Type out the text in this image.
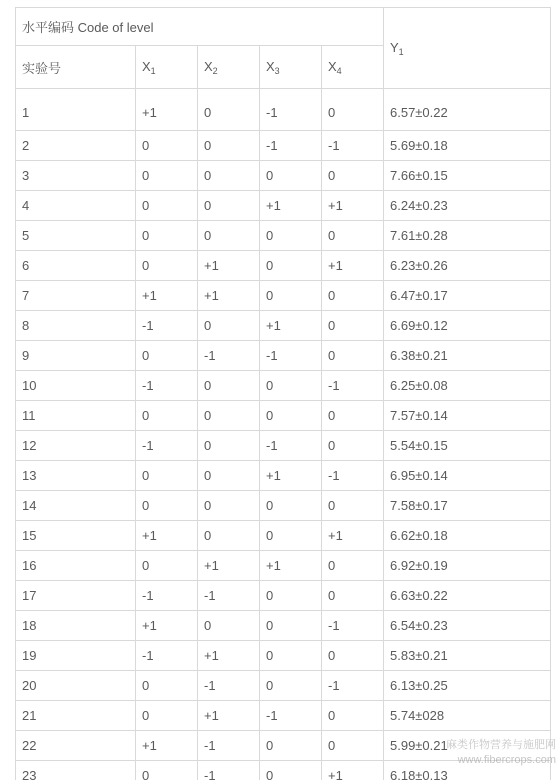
水平编码 Code of level					$Y_1$
实验号	$X_1$	$X_2$	$X_3$	$X_4$
1	+1	0	-1	0	6.57±0.22
2	0	0	-1	-1	5.69±0.18
3	0	0	0	0	7.66±0.15
4	0	0	+1	+1	6.24±0.23
5	0	0	0	0	7.61±0.28
6	0	+1	0	+1	6.23±0.26
7	+1	+1	0	0	6.47±0.17
8	-1	0	+1	0	6.69±0.12
9	0	-1	-1	0	6.38±0.21
10	-1	0	0	-1	6.25±0.08
11	0	0	0	0	7.57±0.14
12	-1	0	-1	0	5.54±0.15
13	0	0	+1	-1	6.95±0.14
14	0	0	0	0	7.58±0.17
15	+1	0	0	+1	6.62±0.18
16	0	+1	+1	0	6.92±0.19
17	-1	-1	0	0	6.63±0.22
18	+1	0	0	-1	6.54±0.23
19	-1	+1	0	0	5.83±0.21
20	0	-1	0	-1	6.13±0.25
21	0	+1	-1	0	5.74±028
22	+1	-1	0	0	5.99±0.21
23	0	-1	0	+1	6.18±0.13
麻类作物营养与施肥网
www.fibercrops.com
